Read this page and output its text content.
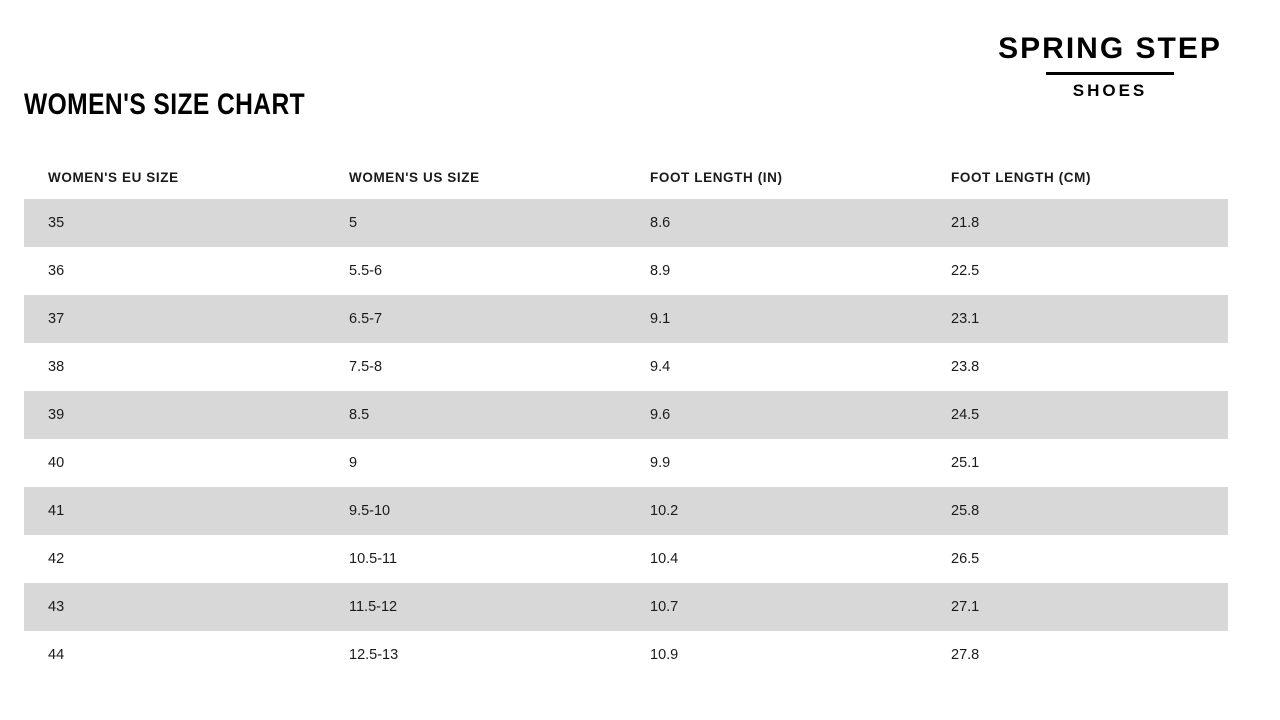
SPRING STEP
SHOES
WOMEN'S SIZE CHART
WOMEN'S EU SIZE	WOMEN'S US SIZE	FOOT LENGTH (IN)	FOOT LENGTH (CM)
35	5	8.6	21.8
36	5.5-6	8.9	22.5
37	6.5-7	9.1	23.1
38	7.5-8	9.4	23.8
39	8.5	9.6	24.5
40	9	9.9	25.1
41	9.5-10	10.2	25.8
42	10.5-11	10.4	26.5
43	11.5-12	10.7	27.1
44	12.5-13	10.9	27.8
